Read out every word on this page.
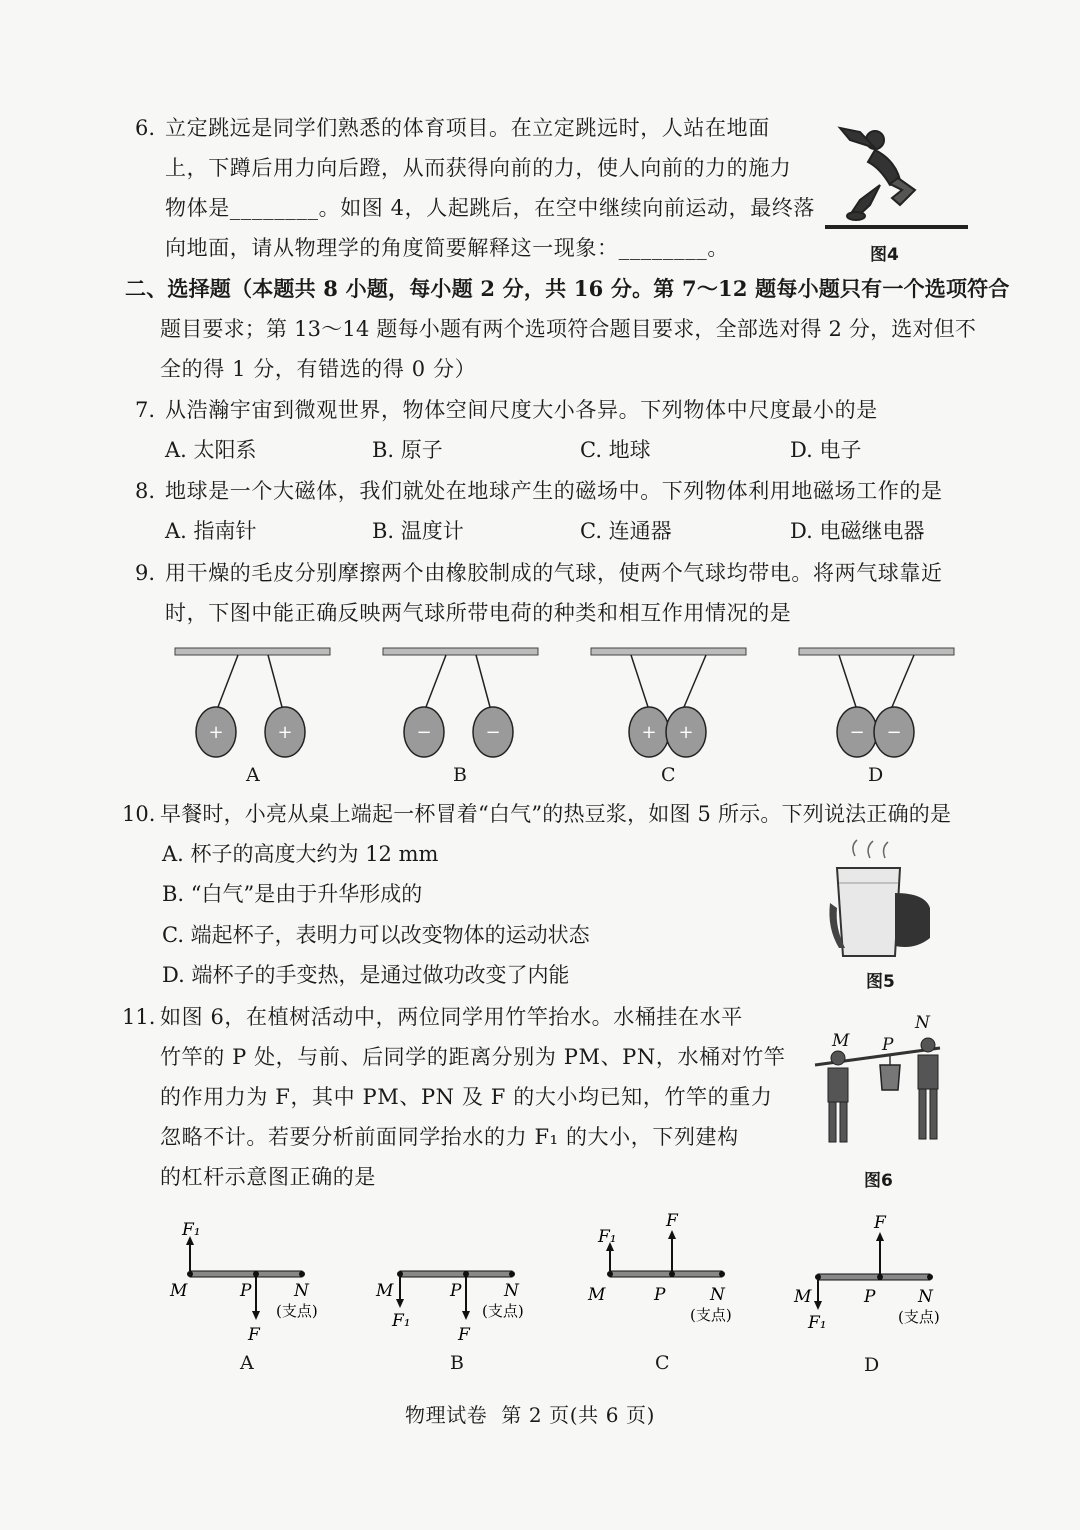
6. 立定跳远是同学们熟悉的体育项目。在立定跳远时，人站在地面
上，下蹲后用力向后蹬，从而获得向前的力，使人向前的力的施力
物体是________。如图 4，人起跳后，在空中继续向前运动，最终落
向地面，请从物理学的角度简要解释这一现象：________。	图4
二、选择题（本题共 8 小题，每小题 2 分，共 16 分。第 7～12 题每小题只有一个选项符合
题目要求；第 13～14 题每小题有两个选项符合题目要求，全部选对得 2 分，选对但不
全的得 1 分，有错选的得 0 分）
7. 从浩瀚宇宙到微观世界，物体空间尺度大小各异。下列物体中尺度最小的是
A. 太阳系	B. 原子	C. 地球	D. 电子
8. 地球是一个大磁体，我们就处在地球产生的磁场中。下列物体利用地磁场工作的是
A. 指南针	B. 温度计	C. 连通器	D. 电磁继电器
9. 用干燥的毛皮分别摩擦两个由橡胶制成的气球，使两个气球均带电。将两气球靠近
时，下图中能正确反映两气球所带电荷的种类和相互作用情况的是
+	+	−	−	+ +	− −
A	B	C	D
10. 早餐时，小亮从桌上端起一杯冒着“白气”的热豆浆，如图 5 所示。下列说法正确的是
A. 杯子的高度大约为 12 mm
B. “白气”是由于升华形成的
C. 端起杯子，表明力可以改变物体的运动状态
D. 端杯子的手变热，是通过做功改变了内能	图5
11. 如图 6，在植树活动中，两位同学用竹竿抬水。水桶挂在水平
竹竿的 P 处，与前、后同学的距离分别为 PM、PN，水桶对竹竿
的作用力为 F，其中 PM、PN 及 F 的大小均已知，竹竿的重力
忽略不计。若要分析前面同学抬水的力 F₁ 的大小，下列建构
的杠杆示意图正确的是
M P
N
图6
F₁
M	P	N
(支点)
F
M
F₁
P	N
(支点)
F
F₁
F
M	P	N
(支点)
F
M
F₁
P	N
(支点)
A	B	C	D
物理试卷  第 2 页(共 6 页)
